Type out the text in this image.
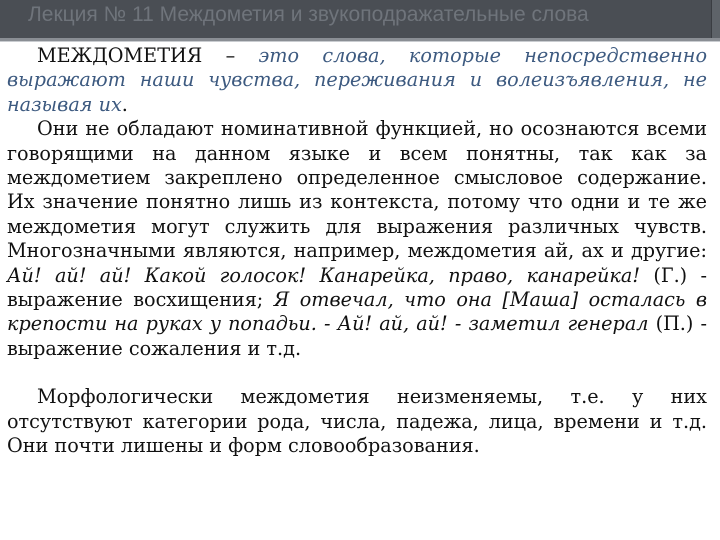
Лекция № 11 Междометия и звукоподражательные слова

МЕЖДОМЕТИЯ – это слова, которые непосредственно выражают наши чувства, переживания и волеизъявления, не называя их.

Они не обладают номинативной функцией, но осознаются всеми говорящими на данном языке и всем понятны, так как за междометием закреплено определенное смысловое содержание. Их значение понятно лишь из контекста, потому что одни и те же междометия могут служить для выражения различных чувств. Многозначными являются, например, междометия ай, ах и другие: Ай! ай! ай! Какой голосок! Канарейка, право, канарейка! (Г.) - выражение восхищения; Я отвечал, что она [Маша] осталась в крепости на руках у попадьи. - Ай! ай, ай! - заметил генерал (П.) - выражение сожаления и т.д.

Морфологически междометия неизменяемы, т.е. у них отсутствуют категории рода, числа, падежа, лица, времени и т.д. Они почти лишены и форм словообразования.
